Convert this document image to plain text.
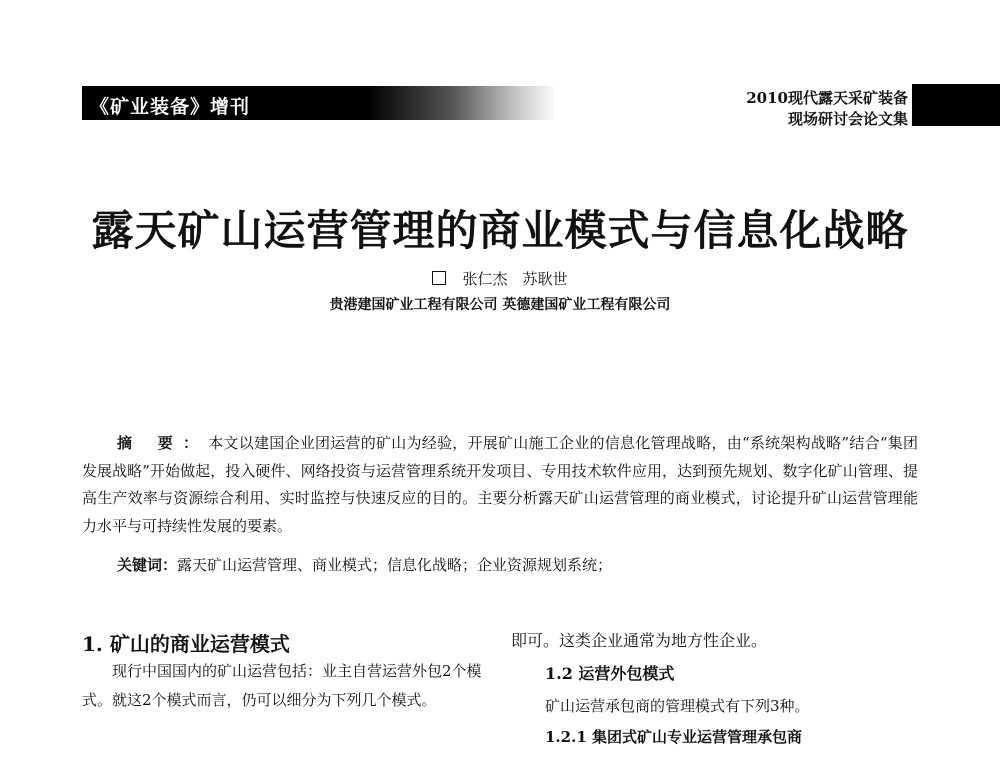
《矿业装备》增刊	2010现代露天采矿装备
现场研讨会论文集
露天矿山运营管理的商业模式与信息化战略
张仁杰　苏耿世
贵港建国矿业工程有限公司 英德建国矿业工程有限公司

摘 要：本文以建国企业团运营的矿山为经验，开展矿山施工企业的信息化管理战略，由“系统架构战略”结合“集团发展战略”开始做起，投入硬件、网络投资与运营管理系统开发项目、专用技术软件应用，达到预先规划、数字化矿山管理、提高生产效率与资源综合利用、实时监控与快速反应的目的。主要分析露天矿山运营管理的商业模式，讨论提升矿山运营管理能力水平与可持续性发展的要素。

关键词：露天矿山运营管理、商业模式；信息化战略；企业资源规划系统；
1. 矿山的商业运营模式

现行中国国内的矿山运营包括：业主自营运营外包2个模式。就这2个模式而言，仍可以细分为下列几个模式。

即可。这类企业通常为地方性企业。
1.2 运营外包模式
矿山运营承包商的管理模式有下列3种。
1.2.1 集团式矿山专业运营管理承包商
